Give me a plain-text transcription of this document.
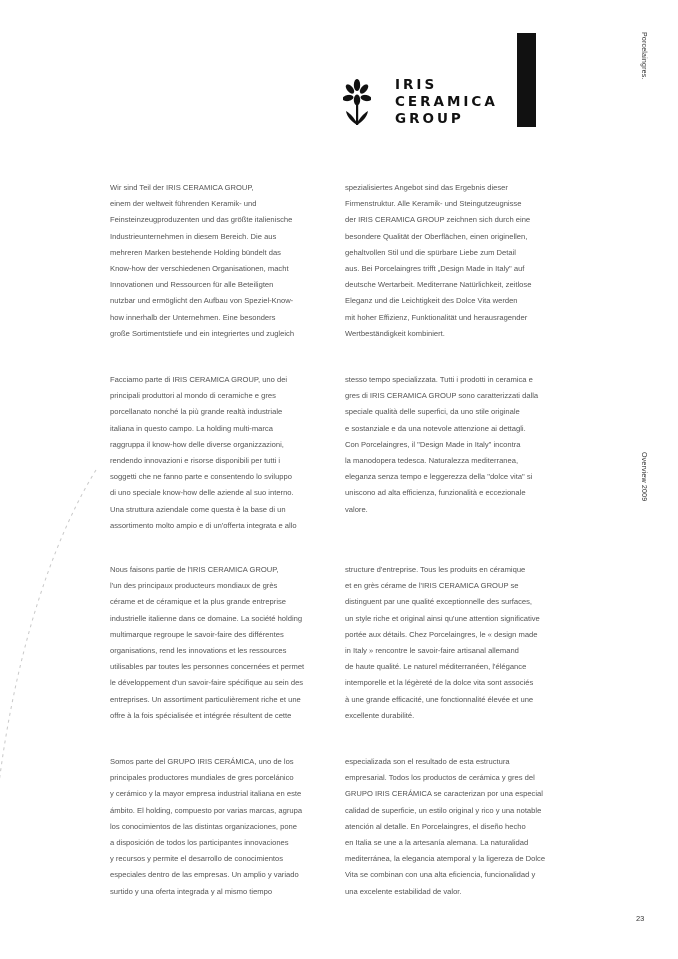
IRIS
CERAMICA
GROUP
Porcelaingres.
Overview 2009

Wir sind Teil der IRIS CERAMICA GROUP,
einem der weltweit führenden Keramik- und
Feinsteinzeugproduzenten und das größte italienische
Industrieunternehmen in diesem Bereich. Die aus
mehreren Marken bestehende Holding bündelt das
Know-how der verschiedenen Organisationen, macht
Innovationen und Ressourcen für alle Beteiligten
nutzbar und ermöglicht den Aufbau von Speziel-Know-
how innerhalb der Unternehmen. Eine besonders
große Sortimentstiefe und ein integriertes und zugleich

spezialisiertes Angebot sind das Ergebnis dieser
Firmenstruktur. Alle Keramik- und Steingutzeugnisse
der IRIS CERAMICA GROUP zeichnen sich durch eine
besondere Qualität der Oberflächen, einen originellen,
gehaltvollen Stil und die spürbare Liebe zum Detail
aus. Bei Porcelaingres trifft „Design Made in Italy" auf
deutsche Wertarbeit. Mediterrane Natürlichkeit, zeitlose
Eleganz und die Leichtigkeit des Dolce Vita werden
mit hoher Effizienz, Funktionalität und herausragender
Wertbeständigkeit kombiniert.

Facciamo parte di IRIS CERAMICA GROUP, uno dei
principali produttori al mondo di ceramiche e gres
porcellanato nonché la più grande realtà industriale
italiana in questo campo. La holding multi-marca
raggruppa il know-how delle diverse organizzazioni,
rendendo innovazioni e risorse disponibili per tutti i
soggetti che ne fanno parte e consentendo lo sviluppo
di uno speciale know-how delle aziende al suo interno.
Una struttura aziendale come questa è la base di un
assortimento molto ampio e di un'offerta integrata e allo

stesso tempo specializzata. Tutti i prodotti in ceramica e
gres di IRIS CERAMICA GROUP sono caratterizzati dalla
speciale qualità delle superfici, da uno stile originale
e sostanziale e da una notevole attenzione ai dettagli.
Con Porcelaingres, il "Design Made in Italy" incontra
la manodopera tedesca. Naturalezza mediterranea,
eleganza senza tempo e leggerezza della "dolce vita" si
uniscono ad alta efficienza, funzionalità e eccezionale
valore.

Nous faisons partie de l'IRIS CERAMICA GROUP,
l'un des principaux producteurs mondiaux de grès
cérame et de céramique et la plus grande entreprise
industrielle italienne dans ce domaine. La société holding
multimarque regroupe le savoir-faire des différentes
organisations, rend les innovations et les ressources
utilisables par toutes les personnes concernées et permet
le développement d'un savoir-faire spécifique au sein des
entreprises. Un assortiment particulièrement riche et une
offre à la fois spécialisée et intégrée résultent de cette

structure d'entreprise. Tous les produits en céramique
et en grès cérame de l'IRIS CERAMICA GROUP se
distinguent par une qualité exceptionnelle des surfaces,
un style riche et original ainsi qu'une attention significative
portée aux détails. Chez Porcelaingres, le « design made
in Italy » rencontre le savoir-faire artisanal allemand
de haute qualité. Le naturel méditerranéen, l'élégance
intemporelle et la légèreté de la dolce vita sont associés
à une grande efficacité, une fonctionnalité élevée et une
excellente durabilité.

Somos parte del GRUPO IRIS CERÁMICA, uno de los
principales productores mundiales de gres porcelánico
y cerámico y la mayor empresa industrial italiana en este
ámbito. El holding, compuesto por varias marcas, agrupa
los conocimientos de las distintas organizaciones, pone
a disposición de todos los participantes innovaciones
y recursos y permite el desarrollo de conocimientos
especiales dentro de las empresas. Un amplio y variado
surtido y una oferta integrada y al mismo tiempo

especializada son el resultado de esta estructura
empresarial. Todos los productos de cerámica y gres del
GRUPO IRIS CERÁMICA se caracterizan por una especial
calidad de superficie, un estilo original y rico y una notable
atención al detalle. En Porcelaingres, el diseño hecho
en Italia se une a la artesanía alemana. La naturalidad
mediterránea, la elegancia atemporal y la ligereza de Dolce
Vita se combinan con una alta eficiencia, funcionalidad y
una excelente estabilidad de valor.

23
